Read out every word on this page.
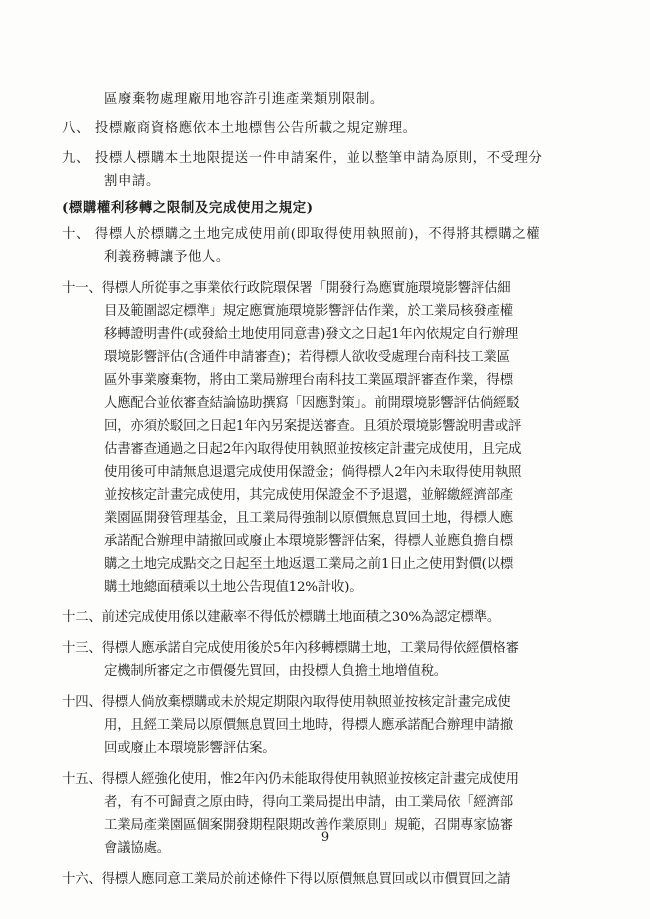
區廢棄物處理廠用地容許引進產業類別限制。
八、 投標廠商資格應依本土地標售公告所載之規定辦理。
九、 投標人標購本土地限提送一件申請案件，並以整筆申請為原則，不受理分
割申請。
(標購權利移轉之限制及完成使用之規定)
十、 得標人於標購之土地完成使用前(即取得使用執照前)，不得將其標購之權
利義務轉讓予他人。
十一、得標人所從事之事業依行政院環保署「開發行為應實施環境影響評估細
目及範圍認定標準」規定應實施環境影響評估作業，於工業局核發產權
移轉證明書件(或發給土地使用同意書)發文之日起1年內依規定自行辦理
環境影響評估(含通件申請審查)；若得標人欲收受處理台南科技工業區
區外事業廢棄物，將由工業局辦理台南科技工業區環評審查作業，得標
人應配合並依審查結論協助撰寫「因應對策」。前開環境影響評估倘經駁
回，亦須於駁回之日起1年內另案提送審查。且須於環境影響說明書或評
估書審查通過之日起2年內取得使用執照並按核定計畫完成使用，且完成
使用後可申請無息退還完成使用保證金；倘得標人2年內未取得使用執照
並按核定計畫完成使用，其完成使用保證金不予退還，並解繳經濟部產
業園區開發管理基金，且工業局得強制以原價無息買回土地，得標人應
承諾配合辦理申請撤回或廢止本環境影響評估案，得標人並應負擔自標
購之土地完成點交之日起至土地返還工業局之前1日止之使用對價(以標
購土地總面積乘以土地公告現值12%計收)。
十二、前述完成使用係以建蔽率不得低於標購土地面積之30%為認定標準。
十三、得標人應承諾自完成使用後於5年內移轉標購土地，工業局得依經價格審
定機制所審定之市價優先買回，由投標人負擔土地增值稅。
十四、得標人倘放棄標購或未於規定期限內取得使用執照並按核定計畫完成使
用，且經工業局以原價無息買回土地時，得標人應承諾配合辦理申請撤
回或廢止本環境影響評估案。
十五、得標人經強化使用，惟2年內仍未能取得使用執照並按核定計畫完成使用
者，有不可歸責之原由時，得向工業局提出申請，由工業局依「經濟部
工業局產業園區個案開發期程限期改善作業原則」規範，召開專家協審
會議協處。
十六、得標人應同意工業局於前述條件下得以原價無息買回或以市價買回之請
9
